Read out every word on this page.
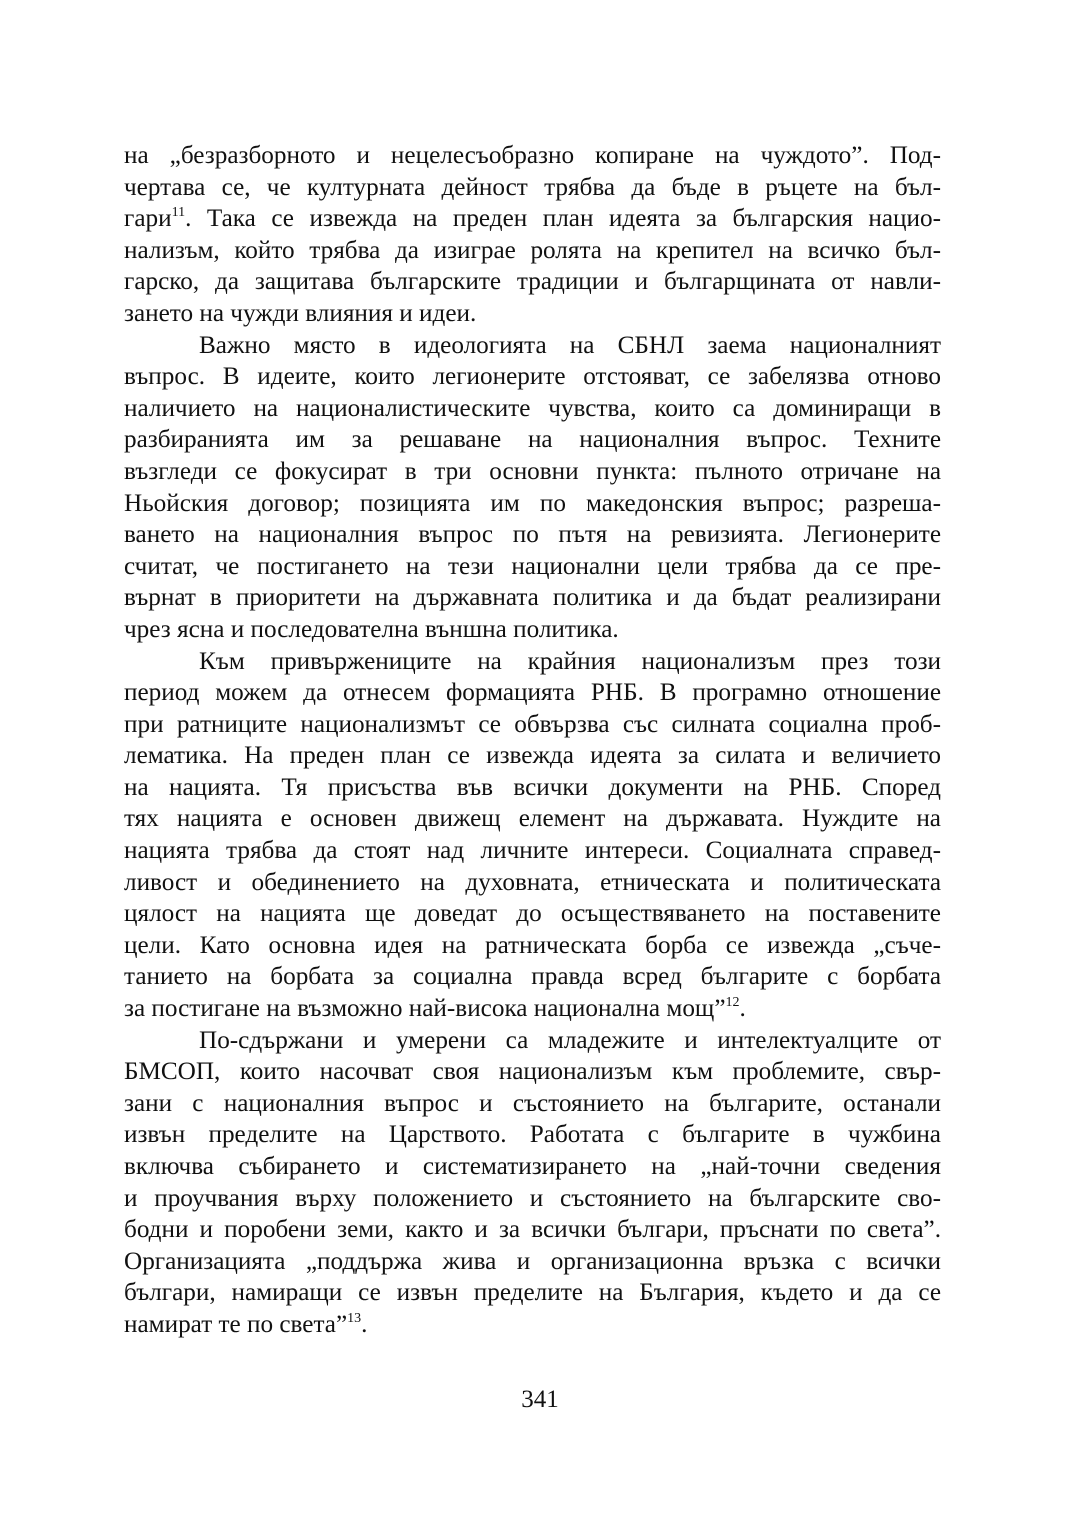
на „безразборното и нецелесъобразно копиране на чуждото”. Под-
чертава се, че културната дейност трябва да бъде в ръцете на бъл-
гари$^{11}$. Така се извежда на преден план идеята за българския нацио-
нализъм, който трябва да изиграе ролята на крепител на всичко бъл-
гарско, да защитава българските традиции и българщината от навли-
зането на чужди влияния и идеи.
Важно място в идеологията на СБНЛ заема националният
въпрос. В идеите, които легионерите отстояват, се забелязва отново
наличието на националистическите чувства, които са доминиращи в
разбиранията им за решаване на националния въпрос. Техните
възгледи се фокусират в три основни пункта: пълното отричане на
Ньойския договор; позицията им по македонския въпрос; разреша-
ването на националния въпрос по пътя на ревизията. Легионерите
считат, че постигането на тези национални цели трябва да се пре-
върнат в приоритети на държавната политика и да бъдат реализирани
чрез ясна и последователна външна политика.
Към привържениците на крайния национализъм през този
период можем да отнесем формацията РНБ. В програмно отношение
при ратниците национализмът се обвързва със силната социална проб-
лематика. На преден план се извежда идеята за силата и величието
на нацията. Тя присъства във всички документи на РНБ. Според
тях нацията е основен движещ елемент на държавата. Нуждите на
нацията трябва да стоят над личните интереси. Социалната справед-
ливост и обединението на духовната, етническата и политическата
цялост на нацията ще доведат до осъществяването на поставените
цели. Като основна идея на ратническата борба се извежда „съче-
танието на борбата за социална правда всред българите с борбата
за постигане на възможно най-висока национална мощ”$^{12}$.
По-сдържани и умерени са младежите и интелектуалците от
БМСОП, които насочват своя национализъм към проблемите, свър-
зани с националния въпрос и състоянието на българите, останали
извън пределите на Царството. Работата с българите в чужбина
включва събирането и систематизирането на „най-точни сведения
и проучвания върху положението и състоянието на българските сво-
бодни и поробени земи, както и за всички българи, пръснати по света”.
Организацията „поддържа жива и организационна връзка с всички
българи, намиращи се извън пределите на България, където и да се
намират те по света”$^{13}$.
341
